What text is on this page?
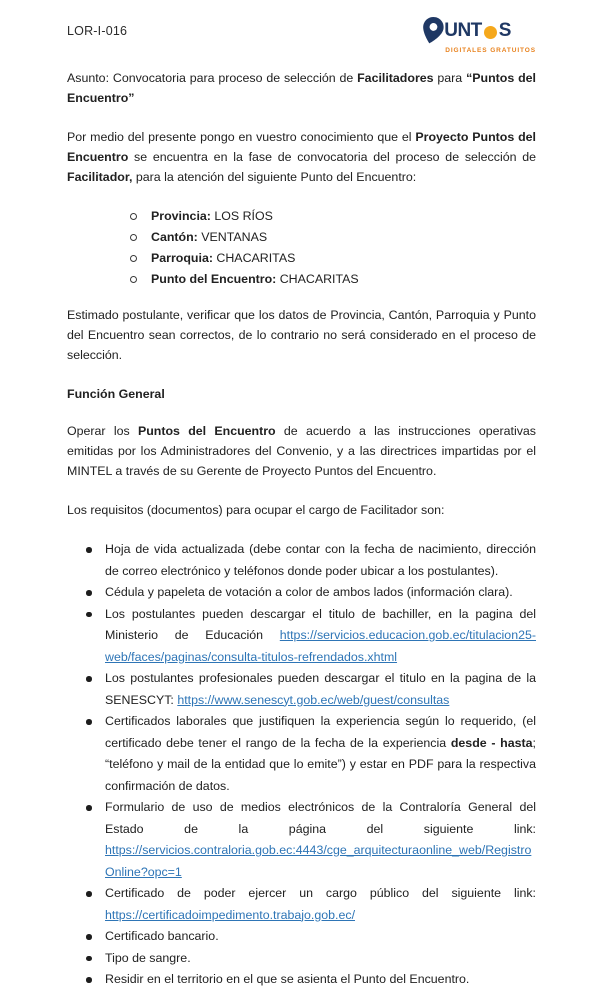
LOR-I-016	UNT S
DIGITALES GRATUITOS

Asunto: Convocatoria para proceso de selección de Facilitadores para “Puntos del Encuentro”

Por medio del presente pongo en vuestro conocimiento que el Proyecto Puntos del Encuentro se encuentra en la fase de convocatoria del proceso de selección de Facilitador, para la atención del siguiente Punto del Encuentro:

Provincia: LOS RÍOS
Cantón: VENTANAS
Parroquia: CHACARITAS
Punto del Encuentro: CHACARITAS

Estimado postulante, verificar que los datos de Provincia, Cantón, Parroquia y Punto del Encuentro sean correctos, de lo contrario no será considerado en el proceso de selección.

Función General

Operar los Puntos del Encuentro de acuerdo a las instrucciones operativas emitidas por los Administradores del Convenio, y a las directrices impartidas por el MINTEL a través de su Gerente de Proyecto Puntos del Encuentro.

Los requisitos (documentos) para ocupar el cargo de Facilitador son:

Hoja de vida actualizada (debe contar con la fecha de nacimiento, dirección de correo electrónico y teléfonos donde poder ubicar a los postulantes).
Cédula y papeleta de votación a color de ambos lados (información clara).
Los postulantes pueden descargar el titulo de bachiller, en la pagina del Ministerio de Educación https://servicios.educacion.gob.ec/titulacion25-web/faces/paginas/consulta-titulos-refrendados.xhtml
Los postulantes profesionales pueden descargar el titulo en la pagina de la SENESCYT: https://www.senescyt.gob.ec/web/guest/consultas
Certificados laborales que justifiquen la experiencia según lo requerido, (el certificado debe tener el rango de la fecha de la experiencia desde - hasta; “teléfono y mail de la entidad que lo emite”) y estar en PDF para la respectiva confirmación de datos.
Formulario de uso de medios electrónicos de la Contraloría General del Estado de la página del siguiente link: https://servicios.contraloria.gob.ec:4443/cge_arquitecturaonline_web/RegistroOnline?opc=1
Certificado de poder ejercer un cargo público del siguiente link: https://certificadoimpedimento.trabajo.gob.ec/
Certificado bancario.
Tipo de sangre.
Residir en el territorio en el que se asienta el Punto del Encuentro.
